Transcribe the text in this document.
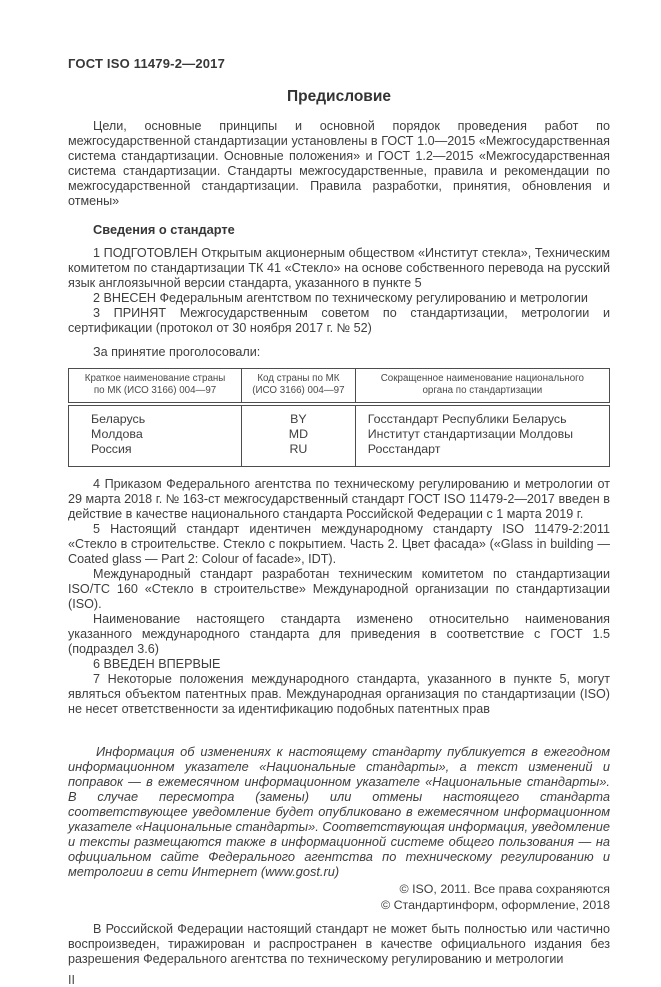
ГОСТ ISO 11479-2—2017
Предисловие

Цели, основные принципы и основной порядок проведения работ по межгосударственной стандартизации установлены в ГОСТ 1.0—2015 «Межгосударственная система стандартизации. Основные положения» и ГОСТ 1.2—2015 «Межгосударственная система стандартизации. Стандарты межгосударственные, правила и рекомендации по межгосударственной стандартизации. Правила разработки, принятия, обновления и отмены»

Сведения о стандарте

1 ПОДГОТОВЛЕН Открытым акционерным обществом «Институт стекла», Техническим комитетом по стандартизации ТК 41 «Стекло» на основе собственного перевода на русский язык англоязычной версии стандарта, указанного в пункте 5

2 ВНЕСЕН Федеральным агентством по техническому регулированию и метрологии

3 ПРИНЯТ Межгосударственным советом по стандартизации, метрологии и сертификации (протокол от 30 ноября 2017 г. № 52)

За принятие проголосовали:

Краткое наименование страны по МК (ИСО 3166) 004—97	Код страны по МК (ИСО 3166) 004—97	Сокращенное наименование национального органа по стандартизации
Беларусь	BY	Госстандарт Республики Беларусь
Молдова	MD	Институт стандартизации Молдовы
Россия	RU	Росстандарт

4 Приказом Федерального агентства по техническому регулированию и метрологии от 29 марта 2018 г. № 163-ст межгосударственный стандарт ГОСТ ISO 11479-2—2017 введен в действие в качестве национального стандарта Российской Федерации с 1 марта 2019 г.

5 Настоящий стандарт идентичен международному стандарту ISO 11479-2:2011 «Стекло в строительстве. Стекло с покрытием. Часть 2. Цвет фасада» («Glass in building — Coated glass — Part 2: Colour of facade», IDT).

Международный стандарт разработан техническим комитетом по стандартизации ISO/TC 160 «Стекло в строительстве» Международной организации по стандартизации (ISO).

Наименование настоящего стандарта изменено относительно наименования указанного международного стандарта для приведения в соответствие с ГОСТ 1.5 (подраздел 3.6)

6 ВВЕДЕН ВПЕРВЫЕ

7 Некоторые положения международного стандарта, указанного в пункте 5, могут являться объектом патентных прав. Международная организация по стандартизации (ISO) не несет ответственности за идентификацию подобных патентных прав

Информация об изменениях к настоящему стандарту публикуется в ежегодном информационном указателе «Национальные стандарты», а текст изменений и поправок — в ежемесячном информационном указателе «Национальные стандарты». В случае пересмотра (замены) или отмены настоящего стандарта соответствующее уведомление будет опубликовано в ежемесячном информационном указателе «Национальные стандарты». Соответствующая информация, уведомление и тексты размещаются также в информационной системе общего пользования — на официальном сайте Федерального агентства по техническому регулированию и метрологии в сети Интернет (www.gost.ru)

© ISO, 2011. Все права сохраняются
© Стандартинформ, оформление, 2018

В Российской Федерации настоящий стандарт не может быть полностью или частично воспроизведен, тиражирован и распространен в качестве официального издания без разрешения Федерального агентства по техническому регулированию и метрологии

II
